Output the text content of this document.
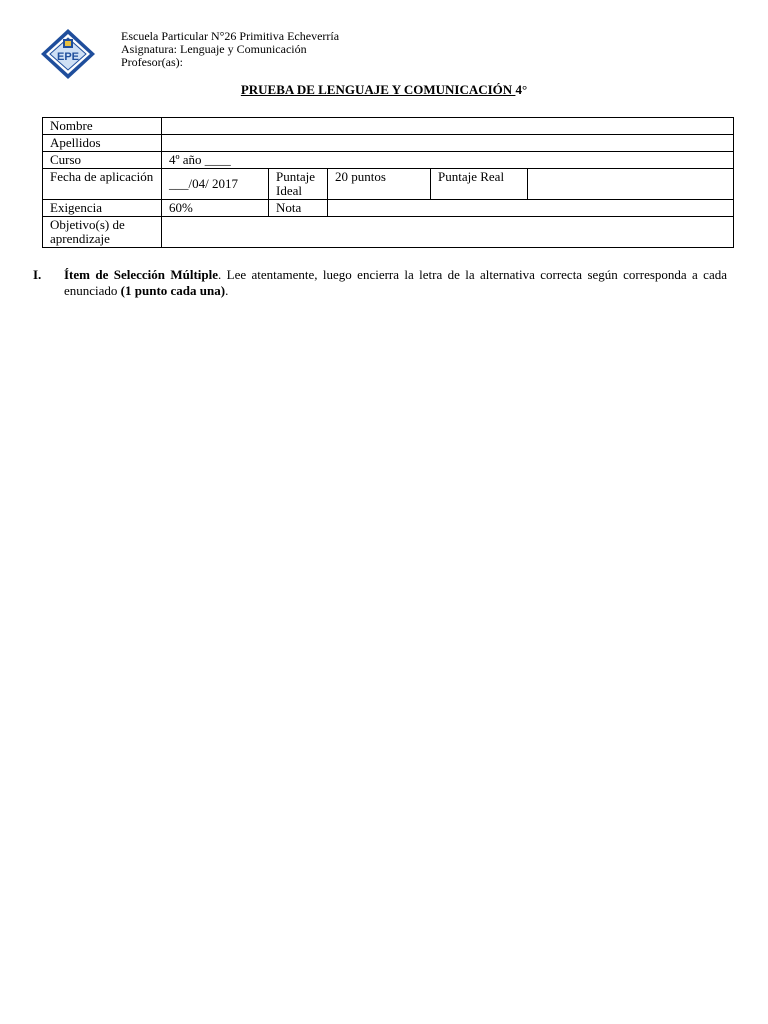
EPE
Escuela Particular N°26 Primitiva Echeverría
Asignatura: Lenguaje y Comunicación
Profesor(as):
PRUEBA DE LENGUAJE Y COMUNICACIÓN 4°
Nombre					
Apellidos					
Curso	4º año ____				
Fecha de aplicación	___/04/ 2017	Puntaje Ideal	20 puntos	Puntaje Real	
Exigencia	60%	Nota			
Objetivo(s) de aprendizaje					
I. Ítem de Selección Múltiple. Lee atentamente, luego encierra la letra de la alternativa correcta según corresponda a cada enunciado (1 punto cada una).
